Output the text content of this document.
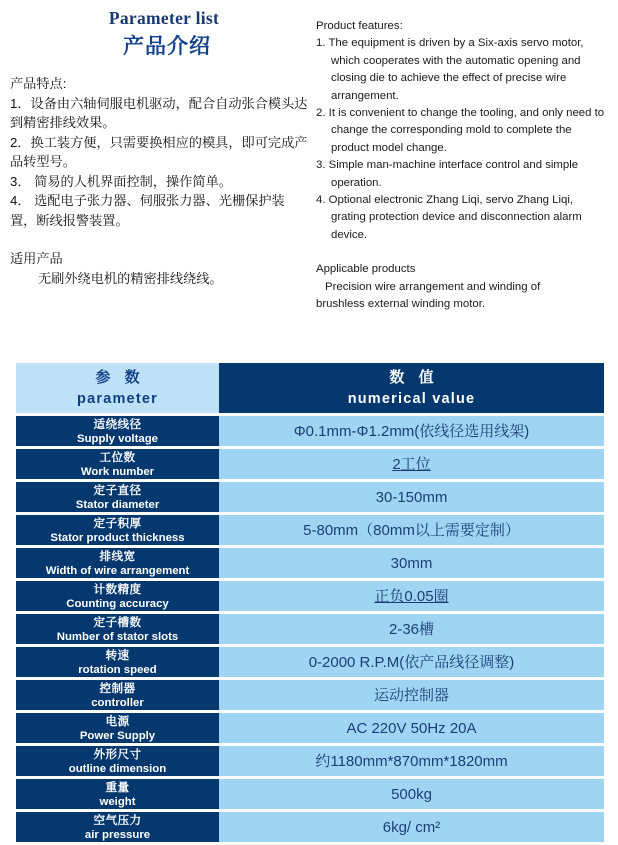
Parameter list
产品介绍

产品特点:

1．设备由六轴伺服电机驱动，配合自动张合模头达到精密排线效果。

2．换工装方便，只需要换相应的模具，即可完成产品转型号。

3． 简易的人机界面控制，操作简单。

4． 选配电子张力器、伺服张力器、光栅保护装置，断线报警装置。

适用产品

无刷外绕电机的精密排线绕线。

Product features:

1. The equipment is driven by a Six-axis servo motor, which cooperates with the automatic opening and closing die to achieve the effect of precise wire arrangement.

2. It is convenient to change the tooling, and only need to change the corresponding mold to complete the product model change.

3. Simple man-machine interface control and simple operation.

4. Optional electronic Zhang Liqi, servo Zhang Liqi, grating protection device and disconnection alarm device.

Applicable products

Precision wire arrangement and winding of

brushless external winding motor.

参 数
parameter
数 值
numerical value
适绕线径
Supply voltage	Φ0.1mm-Φ1.2mm(依线径选用线架)
工位数
Work number	2工位
定子直径
Stator diameter	30-150mm
定子积厚
Stator product thickness	5-80mm（80mm以上需要定制）
排线宽
Width of wire arrangement	30mm
计数精度
Counting accuracy	正负0.05圈
定子槽数
Number of stator slots	2-36槽
转速
rotation speed	0-2000 R.P.M(依产品线径调整)
控制器
controller	运动控制器
电源
Power Supply	AC 220V 50Hz 20A
外形尺寸
outline dimension	约1180mm*870mm*1820mm
重量
weight	500kg
空气压力
air pressure	6kg/ cm²
